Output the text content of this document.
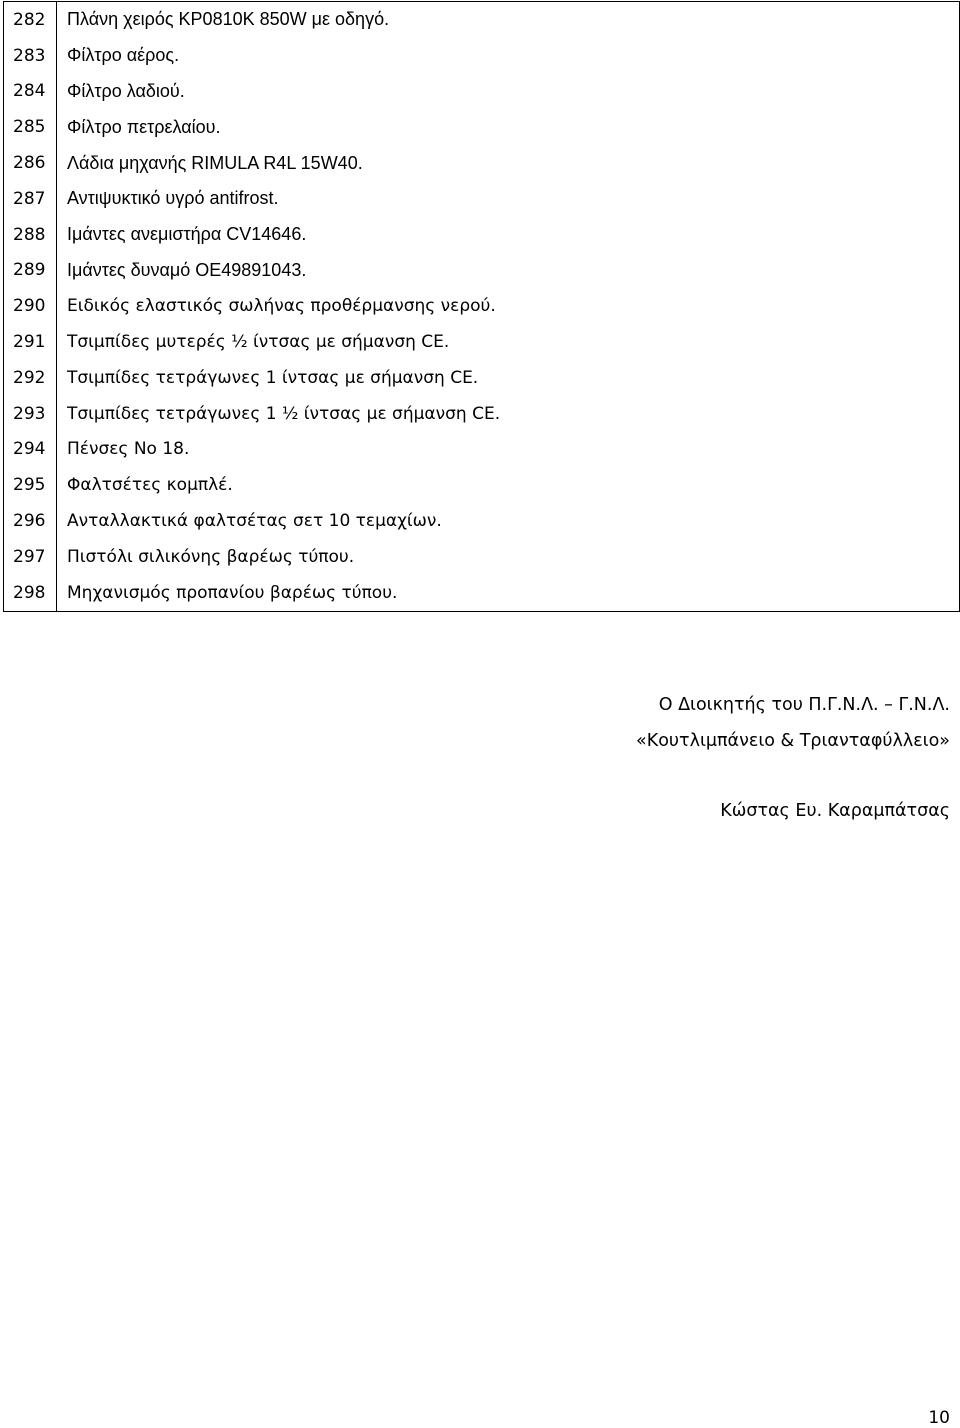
282	Πλάνη χειρός KP0810K 850W με οδηγό.
283	Φίλτρο αέρος.
284	Φίλτρο λαδιού.
285	Φίλτρο πετρελαίου.
286	Λάδια μηχανής RIMULA R4L 15W40.
287	Αντιψυκτικό υγρό antifrost.
288	Ιμάντες ανεμιστήρα CV14646.
289	Ιμάντες δυναμό OE49891043.
290	Ειδικός ελαστικός σωλήνας προθέρμανσης νερού.
291	Τσιμπίδες μυτερές ½ ίντσας με σήμανση CE.
292	Τσιμπίδες τετράγωνες 1 ίντσας με σήμανση CE.
293	Τσιμπίδες τετράγωνες 1 ½ ίντσας με σήμανση CE.
294	Πένσες Νο 18.
295	Φαλτσέτες κομπλέ.
296	Ανταλλακτικά φαλτσέτας σετ 10 τεμαχίων.
297	Πιστόλι σιλικόνης βαρέως τύπου.
298	Μηχανισμός προπανίου βαρέως τύπου.
Ο Διοικητής του Π.Γ.Ν.Λ. – Γ.Ν.Λ.
«Κουτλιμπάνειο & Τριανταφύλλειο»
Κώστας Ευ. Καραμπάτσας
10
